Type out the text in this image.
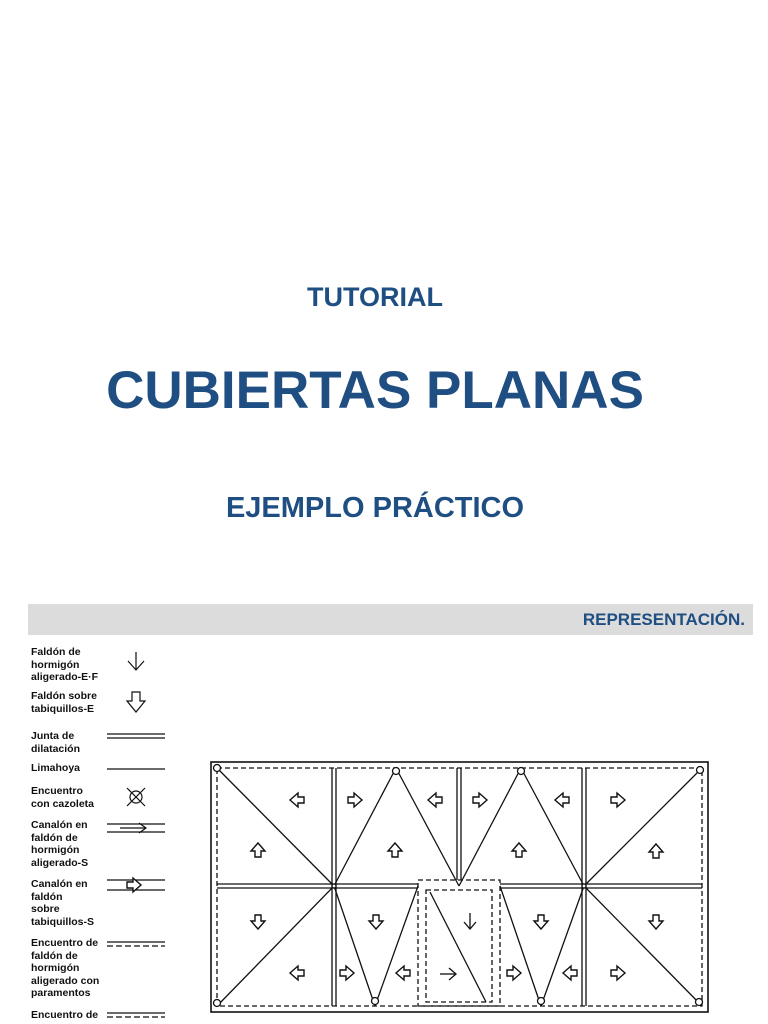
TUTORIAL
CUBIERTAS PLANAS
EJEMPLO PRÁCTICO
REPRESENTACIÓN.
Faldón de
hormigón
aligerado-E·F
Faldón sobre
tabiquillos-E
Junta de
dilatación
Limahoya
Encuentro
con cazoleta
Canalón en
faldón de
hormigón
aligerado-S
Canalón en
faldón
sobre
tabiquillos-S
Encuentro de
faldón de
hormigón
aligerado con
paramentos
Encuentro de
